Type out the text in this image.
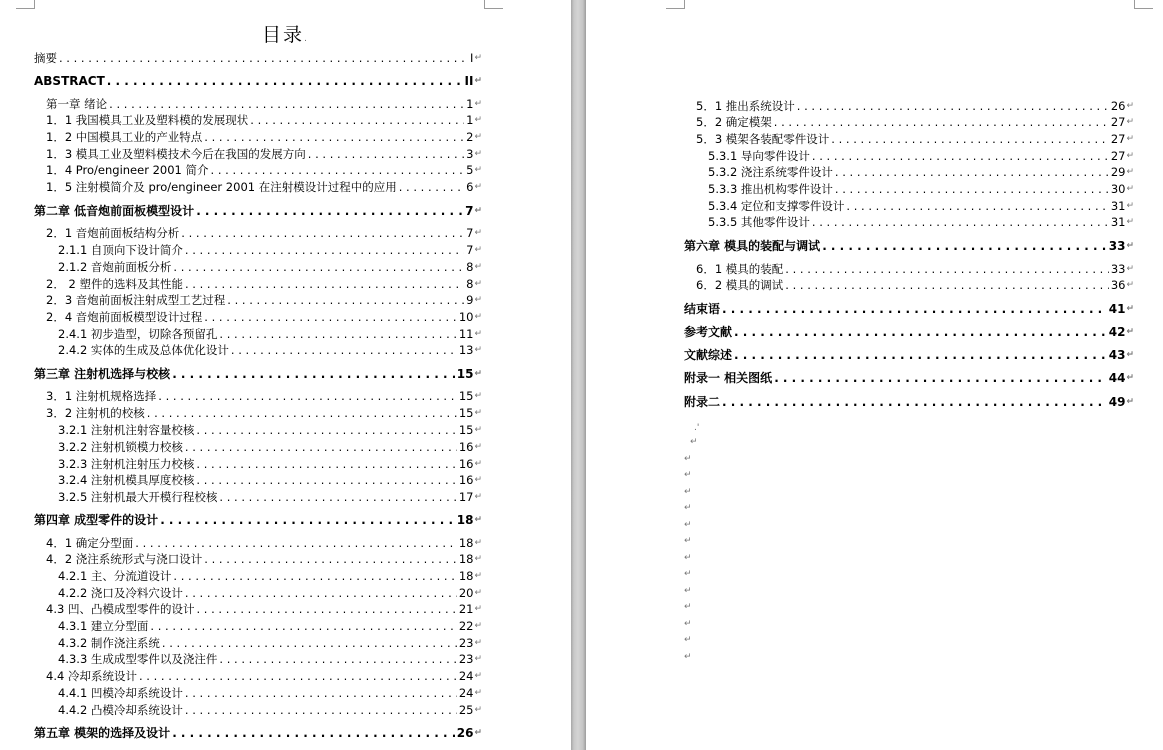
目录.
摘要 . . .	I ↵
ABSTRACT . . .	II ↵
第一章 绪论 . . .	1 ↵
1．1 我国模具工业及塑料模的发展现状 . . .	1 ↵
1．2 中国模具工业的产业特点 . . .	2 ↵
1．3 模具工业及塑料模技术今后在我国的发展方向 . . .	3 ↵
1．4 Pro/engineer 2001 简介 . . .	5 ↵
1．5 注射模简介及 pro/engineer 2001 在注射模设计过程中的应用 . . .	6 ↵
第二章 低音炮前面板模型设计 . . .	7 ↵
2．1 音炮前面板结构分析 . . .	7 ↵
2.1.1 自顶向下设计简介 . . .	7 ↵
2.1.2 音炮前面板分析 . . .	8 ↵
2． 2 塑件的选料及其性能 . . .	8 ↵
2．3 音炮前面板注射成型工艺过程 . . .	9 ↵
2．4 音炮前面板模型设计过程 . . .	10 ↵
2.4.1 初步造型，切除各预留孔 . . .	11 ↵
2.4.2 实体的生成及总体优化设计 . . .	13 ↵
第三章 注射机选择与校核 . . .	15 ↵
3．1 注射机规格选择 . . .	15 ↵
3．2 注射机的校核 . . .	15 ↵
3.2.1 注射机注射容量校核 . . .	15 ↵
3.2.2 注射机锁模力校核 . . .	16 ↵
3.2.3 注射机注射压力校核 . . .	16 ↵
3.2.4 注射机模具厚度校核 . . .	16 ↵
3.2.5 注射机最大开模行程校核 . . .	17 ↵
第四章 成型零件的设计 . . .	18 ↵
4．1 确定分型面 . . .	18 ↵
4．2 浇注系统形式与浇口设计 . . .	18 ↵
4.2.1 主、分流道设计 . . .	18 ↵
4.2.2 浇口及冷料穴设计 . . .	20 ↵
4.3 凹、凸模成型零件的设计 . . .	21 ↵
4.3.1 建立分型面 . . .	22 ↵
4.3.2 制作浇注系统 . . .	23 ↵
4.3.3 生成成型零件以及浇注件 . . .	23 ↵
4.4 冷却系统设计 . . .	24 ↵
4.4.1 凹模冷却系统设计 . . .	24 ↵
4.4.2 凸模冷却系统设计 . . .	25 ↵
第五章 模架的选择及设计 . . .	26 ↵
5．1 推出系统设计 . . .	26 ↵
5．2 确定模架 . . .	27 ↵
5．3 模架各装配零件设计 . . .	27 ↵
5.3.1 导向零件设计 . . .	27 ↵
5.3.2 浇注系统零件设计 . . .	29 ↵
5.3.3 推出机构零件设计 . . .	30 ↵
5.3.4 定位和支撑零件设计 . . .	31 ↵
5.3.5 其他零件设计 . . .	31 ↵
第六章 模具的装配与调试 . . .	33 ↵
6．1 模具的装配 . . .	33 ↵
6．2 模具的调试 . . .	36 ↵
结束语 . . .	41 ↵
参考文献 . . .	42 ↵
文献综述 . . .	43 ↵
附录一 相关图纸 . . .	44 ↵
附录二 . . .	49 ↵
.'
↵
↵
↵
↵
↵
↵
↵
↵
↵
↵
↵
↵
↵
↵
